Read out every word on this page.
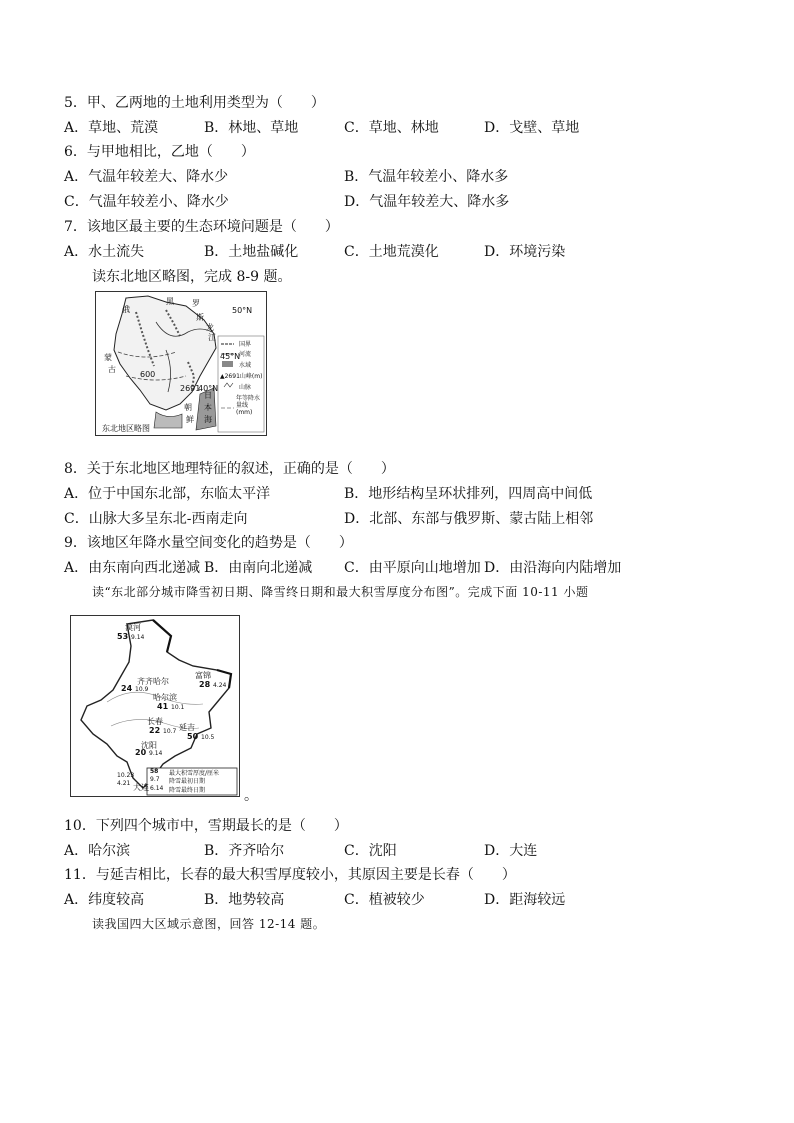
5．甲、乙两地的土地利用类型为（　　）
A．草地、荒漠	B．林地、草地	C．草地、林地	D．戈壁、草地
6．与甲地相比，乙地（　　）
A．气温年较差大、降水少	B．气温年较差小、降水多
C．气温年较差小、降水少	D．气温年较差大、降水多
7．该地区最主要的生态环境问题是（　　）
A．水土流失	B．土地盐碱化	C．土地荒漠化	D．环境污染
读东北地区略图，完成 8-9 题。
俄
罗
斯
黑
龙
江
蒙
古
朝
鲜
日
本
海
50°N
45°N
40°N
2691
600
国界
河流
水域
▲2691山峰(m)
山脉
年等降水量线(mm)
东北地区略图
8．关于东北地区地理特征的叙述，正确的是（　　）
A．位于中国东北部，东临太平洋	B．地形结构呈环状排列，四周高中间低
C．山脉大多呈东北-西南走向	D．北部、东部与俄罗斯、蒙古陆上相邻
9．该地区年降水量空间变化的趋势是（　　）
A．由东南向西北递减 B．由南向北递减 C．由平原向山地增加 D．由沿海向内陆增加
读“东北部分城市降雪初日期、降雪终日期和最大积雪厚度分布图”。完成下面 10-11 小题
漠河
53 9.14
齐齐哈尔
24 10.9
哈尔滨
41 10.1
富锦
28 4.24
长春
22 10.7 延吉
50 10.5
沈阳
20 9.14
10.23
4.21 大连
58
9.7
6.14
最大积雪厚度/厘米
降雪最初日期
降雪最终日期	。
10．下列四个城市中，雪期最长的是（　　）
A．哈尔滨	B．齐齐哈尔	C．沈阳	D．大连
11．与延吉相比，长春的最大积雪厚度较小，其原因主要是长春（　　）
A．纬度较高	B．地势较高	C．植被较少	D．距海较远
读我国四大区域示意图，回答 12-14 题。
